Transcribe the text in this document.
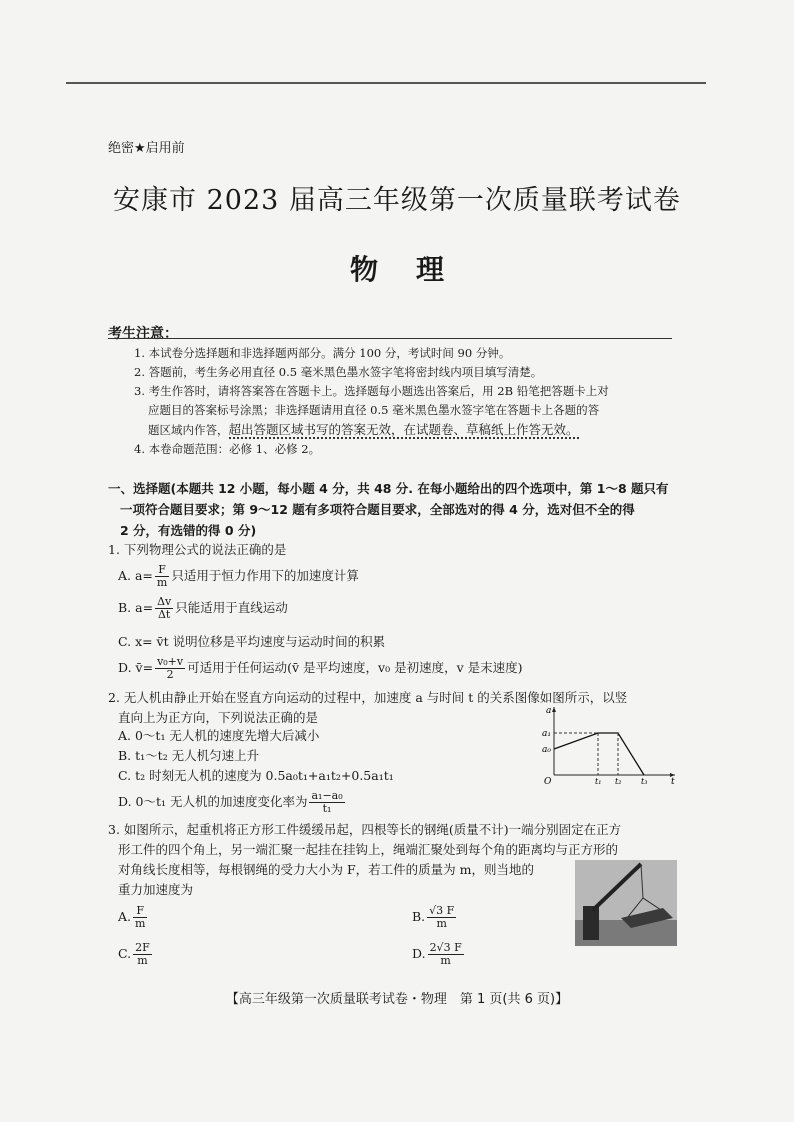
绝密★启用前
安康市 2023 届高三年级第一次质量联考试卷
物理
考生注意：

1. 本试卷分选择题和非选择题两部分。满分 100 分，考试时间 90 分钟。

2. 答题前，考生务必用直径 0.5 毫米黑色墨水签字笔将密封线内项目填写清楚。

3. 考生作答时，请将答案答在答题卡上。选择题每小题选出答案后，用 2B 铅笔把答题卡上对

应题目的答案标号涂黑；非选择题请用直径 0.5 毫米黑色墨水签字笔在答题卡上各题的答

题区域内作答，超出答题区域书写的答案无效，在试题卷、草稿纸上作答无效。

4. 本卷命题范围：必修 1、必修 2。

一、选择题(本题共 12 小题，每小题 4 分，共 48 分. 在每小题给出的四个选项中，第 1～8 题只有

一项符合题目要求；第 9～12 题有多项符合题目要求，全部选对的得 4 分，选对但不全的得

2 分，有选错的得 0 分)

1. 下列物理公式的说法正确的是
A. $a= \frac{F}{m}$ 只适用于恒力作用下的加速度计算
B. $a= \frac{\Delta v}{\Delta t}$ 只能适用于直线运动
C. x= v̄t 说明位移是平均速度与运动时间的积累
D. v̄= $\frac{\text{v₀+v}}{2}$ 可适用于任何运动(v̄ 是平均速度，v₀ 是初速度，v 是末速度)
2. 无人机由静止开始在竖直方向运动的过程中，加速度 a 与时间 t 的关系图像如图所示，以竖
直向上为正方向，下列说法正确的是
A. 0～t₁ 无人机的速度先增大后减小
B. t₁～t₂ 无人机匀速上升
C. t₂ 时刻无人机的速度为 0.5a₀t₁+a₁t₂+0.5a₁t₁
D. 0～t₁ 无人机的加速度变化率为 $\frac{\text{a₁−a₀}}{\text{t₁}}$
a
a₁
a₀
O	t₁ t₂ t₃	t
3. 如图所示，起重机将正方形工件缓缓吊起，四根等长的钢绳(质量不计)一端分别固定在正方
形工件的四个角上，另一端汇聚一起挂在挂钩上，绳端汇聚处到每个角的距离均与正方形的
对角线长度相等，每根钢绳的受力大小为 F，若工件的质量为 m，则当地的
重力加速度为
A. $\frac{F}{m}$	B. $\frac{√3 F}{m}$
C. $\frac{2F}{m}$	D. $\frac{2√3 F}{m}$
【高三年级第一次质量联考试卷・物理　第 1 页(共 6 页)】
